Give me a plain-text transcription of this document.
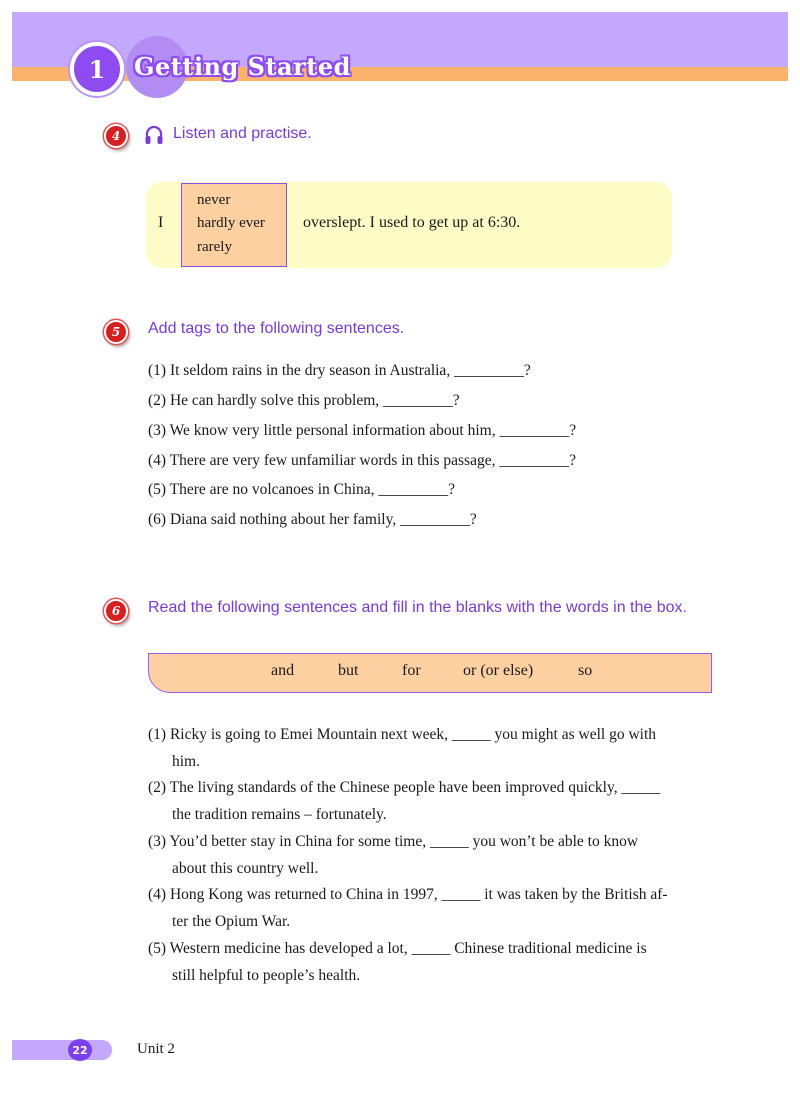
1	Getting Started
4	Listen and practise.
I
never
hardly ever
rarely
overslept. I used to get up at 6:30.
5	Add tags to the following sentences.
(1) It seldom rains in the dry season in Australia, _________?
(2) He can hardly solve this problem, _________?
(3) We know very little personal information about him, _________?
(4) There are very few unfamiliar words in this passage, _________?
(5) There are no volcanoes in China, _________?
(6) Diana said nothing about her family, _________?
6	Read the following sentences and fill in the blanks with the words in the box.
and	but	for	or (or else)	so
(1) Ricky is going to Emei Mountain next week, _____ you might as well go with
him.
(2) The living standards of the Chinese people have been improved quickly, _____
the tradition remains – fortunately.
(3) You’d better stay in China for some time, _____ you won’t be able to know
about this country well.
(4) Hong Kong was returned to China in 1997, _____ it was taken by the British af-
ter the Opium War.
(5) Western medicine has developed a lot, _____ Chinese traditional medicine is
still helpful to people’s health.
22	Unit 2
